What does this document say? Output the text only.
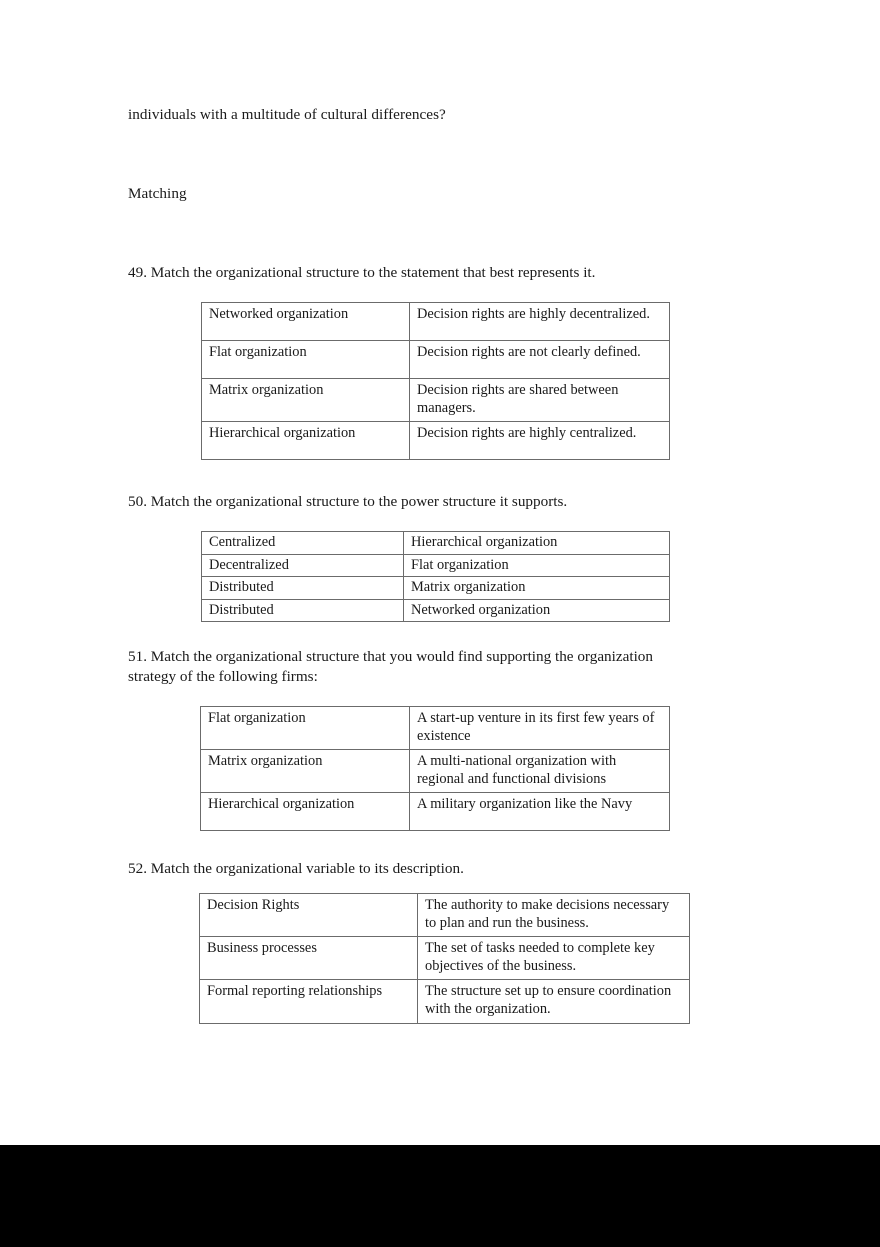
individuals with a multitude of cultural differences?
Matching
49. Match the organizational structure to the statement that best represents it.
Networked organization	Decision rights are highly decentralized.

Flat organization	Decision rights are not clearly defined.

Matrix organization	Decision rights are shared between managers.

Hierarchical organization	Decision rights are highly centralized.
50. Match the organizational structure to the power structure it supports.
Centralized	Hierarchical organization

Decentralized	Flat organization

Distributed	Matrix organization

Distributed	Networked organization
51. Match the organizational structure that you would find supporting the organization
strategy of the following firms:
Flat organization	A start-up venture in its first few years of existence

Matrix organization	A multi-national organization with regional and functional divisions

Hierarchical organization	A military organization like the Navy
52. Match the organizational variable to its description.
Decision Rights	The authority to make decisions necessary to plan and run the business.

Business processes	The set of tasks needed to complete key objectives of the business.

Formal reporting relationships	The structure set up to ensure coordination with the organization.
